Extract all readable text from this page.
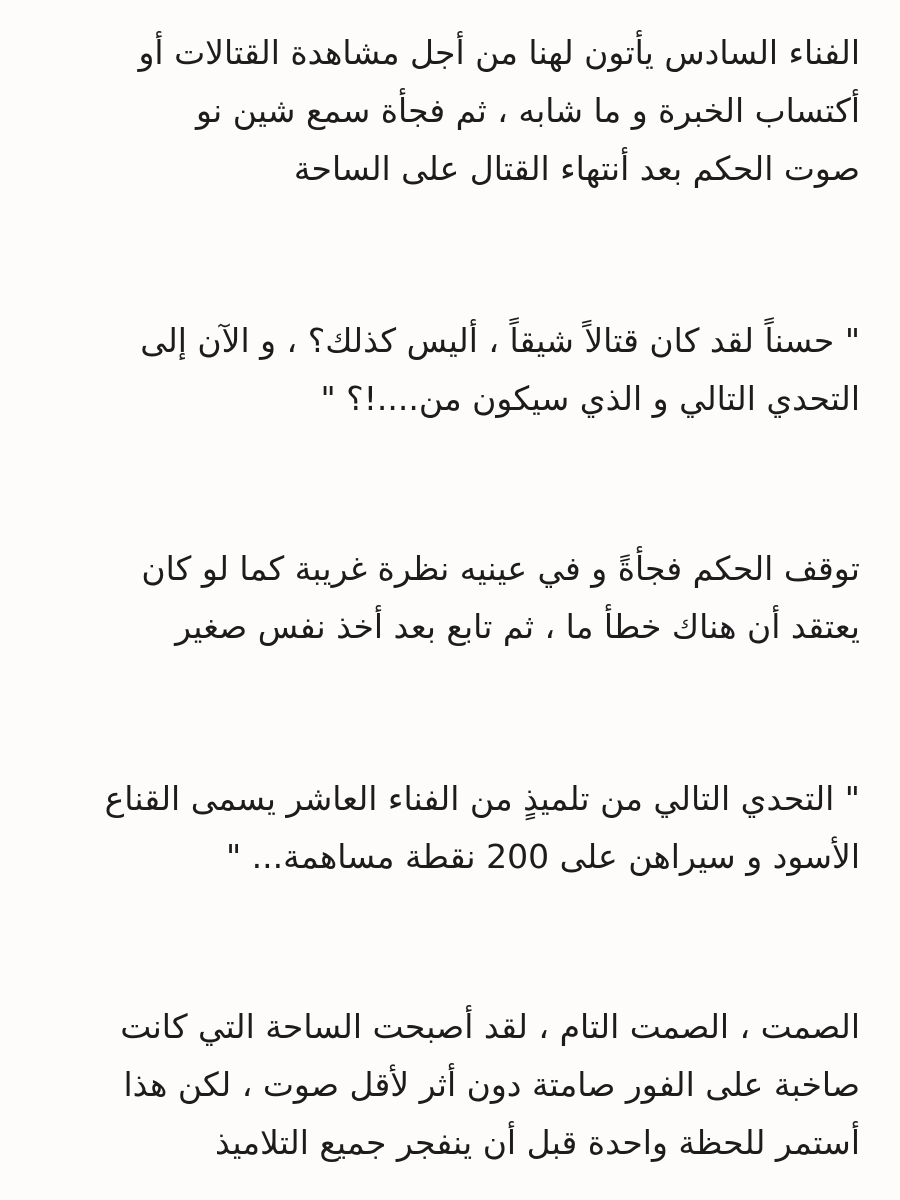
الفناء السادس يأتون لهنا من أجل مشاهدة القتالات أو
أكتساب الخبرة و ما شابه ، ثم فجأة سمع شين نو
صوت الحكم بعد أنتهاء القتال على الساحة

" حسناً لقد كان قتالاً شيقاً ، أليس كذلك؟ ، و الآن إلى
التحدي التالي و الذي سيكون من....!؟ "

توقف الحكم فجأةً و في عينيه نظرة غريبة كما لو كان
يعتقد أن هناك خطأ ما ، ثم تابع بعد أخذ نفس صغير

" التحدي التالي من تلميذٍ من الفناء العاشر يسمى القناع
الأسود و سيراهن على 200 نقطة مساهمة... "

الصمت ، الصمت التام ، لقد أصبحت الساحة التي كانت
صاخبة على الفور صامتة دون أثر لأقل صوت ، لكن هذا
أستمر للحظة واحدة قبل أن ينفجر جميع التلاميذ
